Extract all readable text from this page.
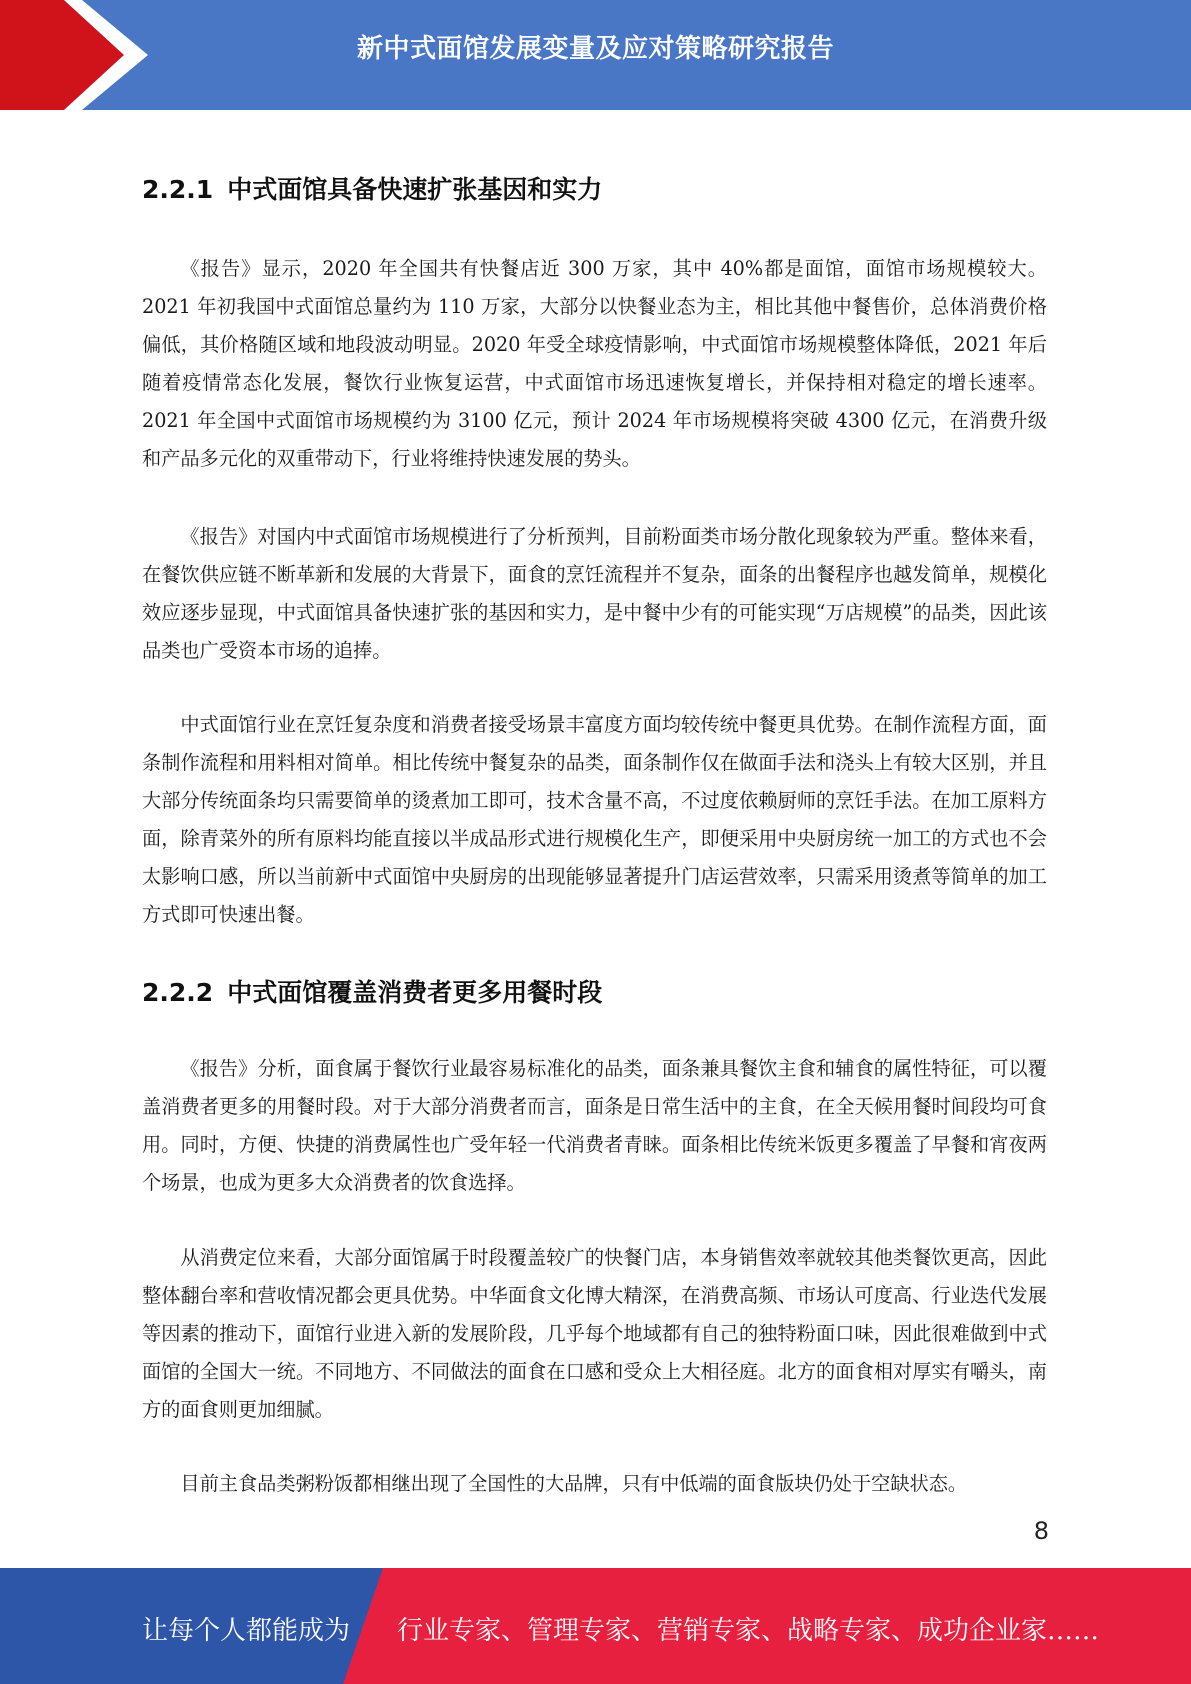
新中式面馆发展变量及应对策略研究报告
2.2.1 中式面馆具备快速扩张基因和实力

《报告》显示，2020 年全国共有快餐店近 300 万家，其中 40%都是面馆，面馆市场规模较大。2021 年初我国中式面馆总量约为 110 万家，大部分以快餐业态为主，相比其他中餐售价，总体消费价格偏低，其价格随区域和地段波动明显。2020 年受全球疫情影响，中式面馆市场规模整体降低，2021 年后随着疫情常态化发展，餐饮行业恢复运营，中式面馆市场迅速恢复增长，并保持相对稳定的增长速率。2021 年全国中式面馆市场规模约为 3100 亿元，预计 2024 年市场规模将突破 4300 亿元，在消费升级和产品多元化的双重带动下，行业将维持快速发展的势头。

《报告》对国内中式面馆市场规模进行了分析预判，目前粉面类市场分散化现象较为严重。整体来看，在餐饮供应链不断革新和发展的大背景下，面食的烹饪流程并不复杂，面条的出餐程序也越发简单，规模化效应逐步显现，中式面馆具备快速扩张的基因和实力，是中餐中少有的可能实现“万店规模”的品类，因此该品类也广受资本市场的追捧。

中式面馆行业在烹饪复杂度和消费者接受场景丰富度方面均较传统中餐更具优势。在制作流程方面，面条制作流程和用料相对简单。相比传统中餐复杂的品类，面条制作仅在做面手法和浇头上有较大区别，并且大部分传统面条均只需要简单的烫煮加工即可，技术含量不高，不过度依赖厨师的烹饪手法。在加工原料方面，除青菜外的所有原料均能直接以半成品形式进行规模化生产，即便采用中央厨房统一加工的方式也不会太影响口感，所以当前新中式面馆中央厨房的出现能够显著提升门店运营效率，只需采用烫煮等简单的加工方式即可快速出餐。

2.2.2 中式面馆覆盖消费者更多用餐时段

《报告》分析，面食属于餐饮行业最容易标准化的品类，面条兼具餐饮主食和辅食的属性特征，可以覆盖消费者更多的用餐时段。对于大部分消费者而言，面条是日常生活中的主食，在全天候用餐时间段均可食用。同时，方便、快捷的消费属性也广受年轻一代消费者青睐。面条相比传统米饭更多覆盖了早餐和宵夜两个场景，也成为更多大众消费者的饮食选择。

从消费定位来看，大部分面馆属于时段覆盖较广的快餐门店，本身销售效率就较其他类餐饮更高，因此整体翻台率和营收情况都会更具优势。中华面食文化博大精深，在消费高频、市场认可度高、行业迭代发展等因素的推动下，面馆行业进入新的发展阶段，几乎每个地域都有自己的独特粉面口味，因此很难做到中式面馆的全国大一统。不同地方、不同做法的面食在口感和受众上大相径庭。北方的面食相对厚实有嚼头，南方的面食则更加细腻。

目前主食品类粥粉饭都相继出现了全国性的大品牌，只有中低端的面食版块仍处于空缺状态。

8
让每个人都能成为 行业专家、管理专家、营销专家、战略专家、成功企业家……
